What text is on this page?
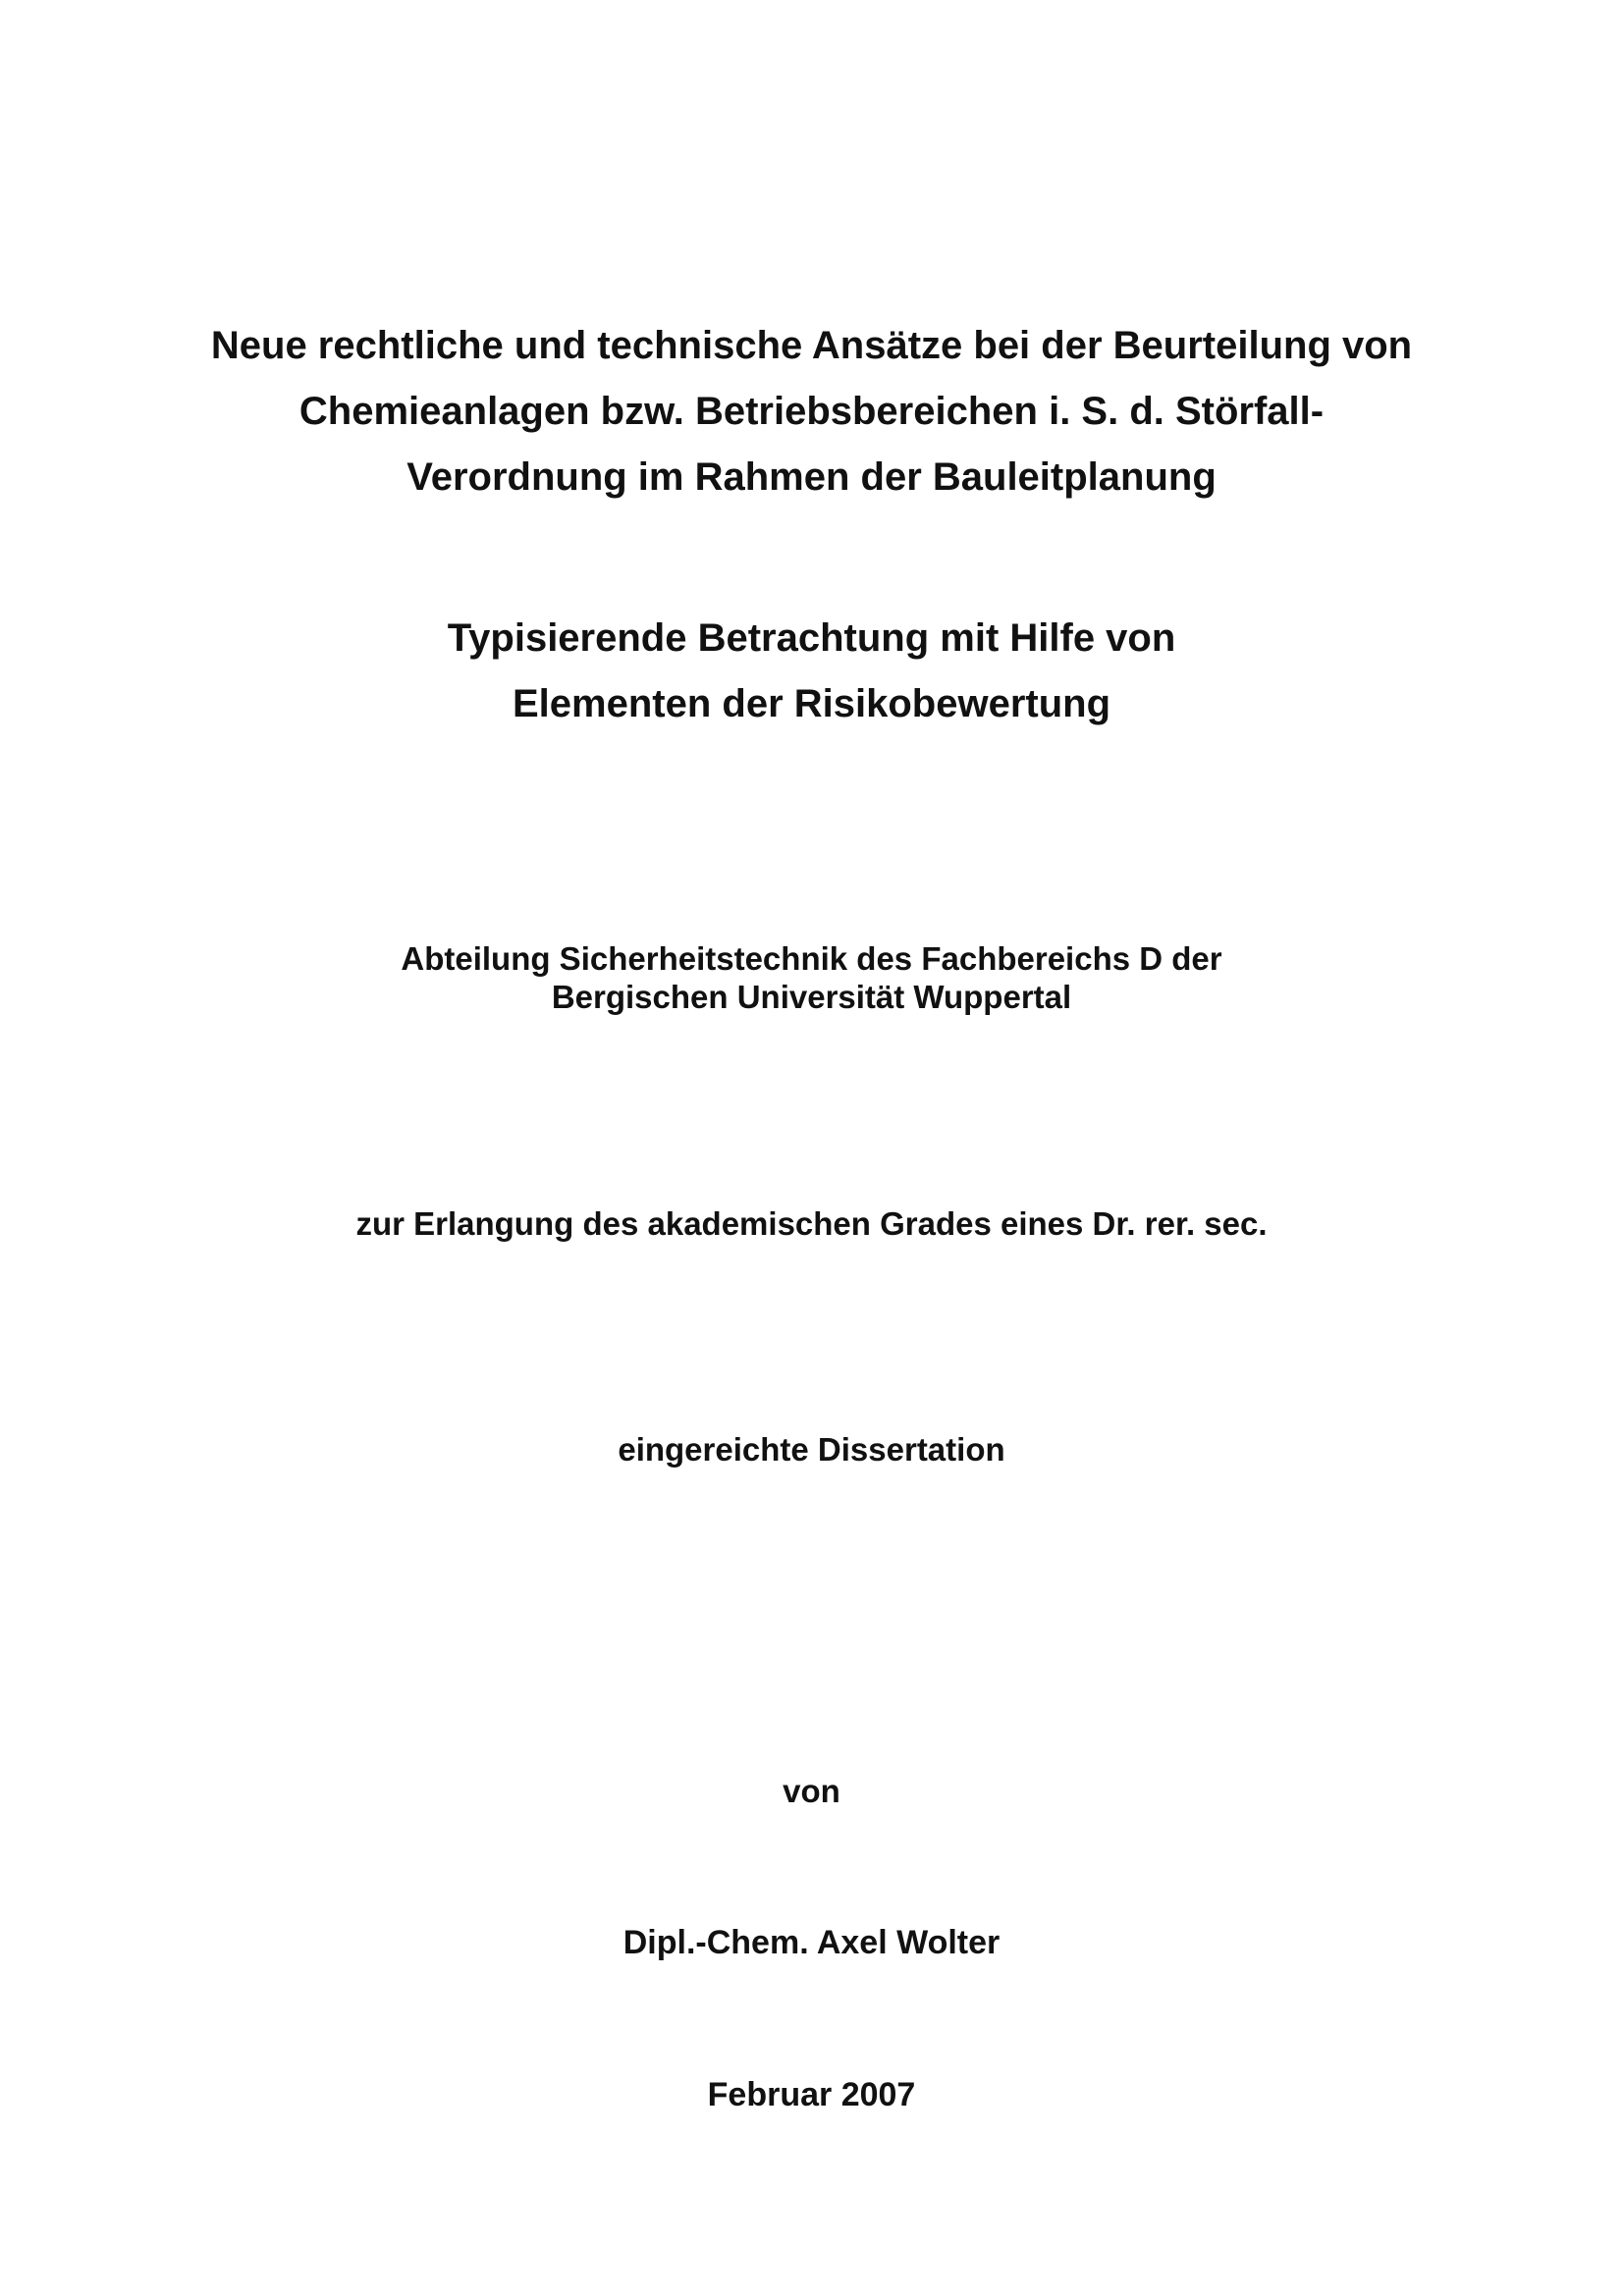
Neue rechtliche und technische Ansätze bei der Beurteilung von

Chemieanlagen bzw. Betriebsbereichen i. S. d. Störfall-

Verordnung im Rahmen der Bauleitplanung

Typisierende Betrachtung mit Hilfe von

Elementen der Risikobewertung

Abteilung Sicherheitstechnik des Fachbereichs D der

Bergischen Universität Wuppertal

zur Erlangung des akademischen Grades eines Dr. rer. sec.

eingereichte Dissertation

von

Dipl.-Chem. Axel Wolter

Februar 2007
